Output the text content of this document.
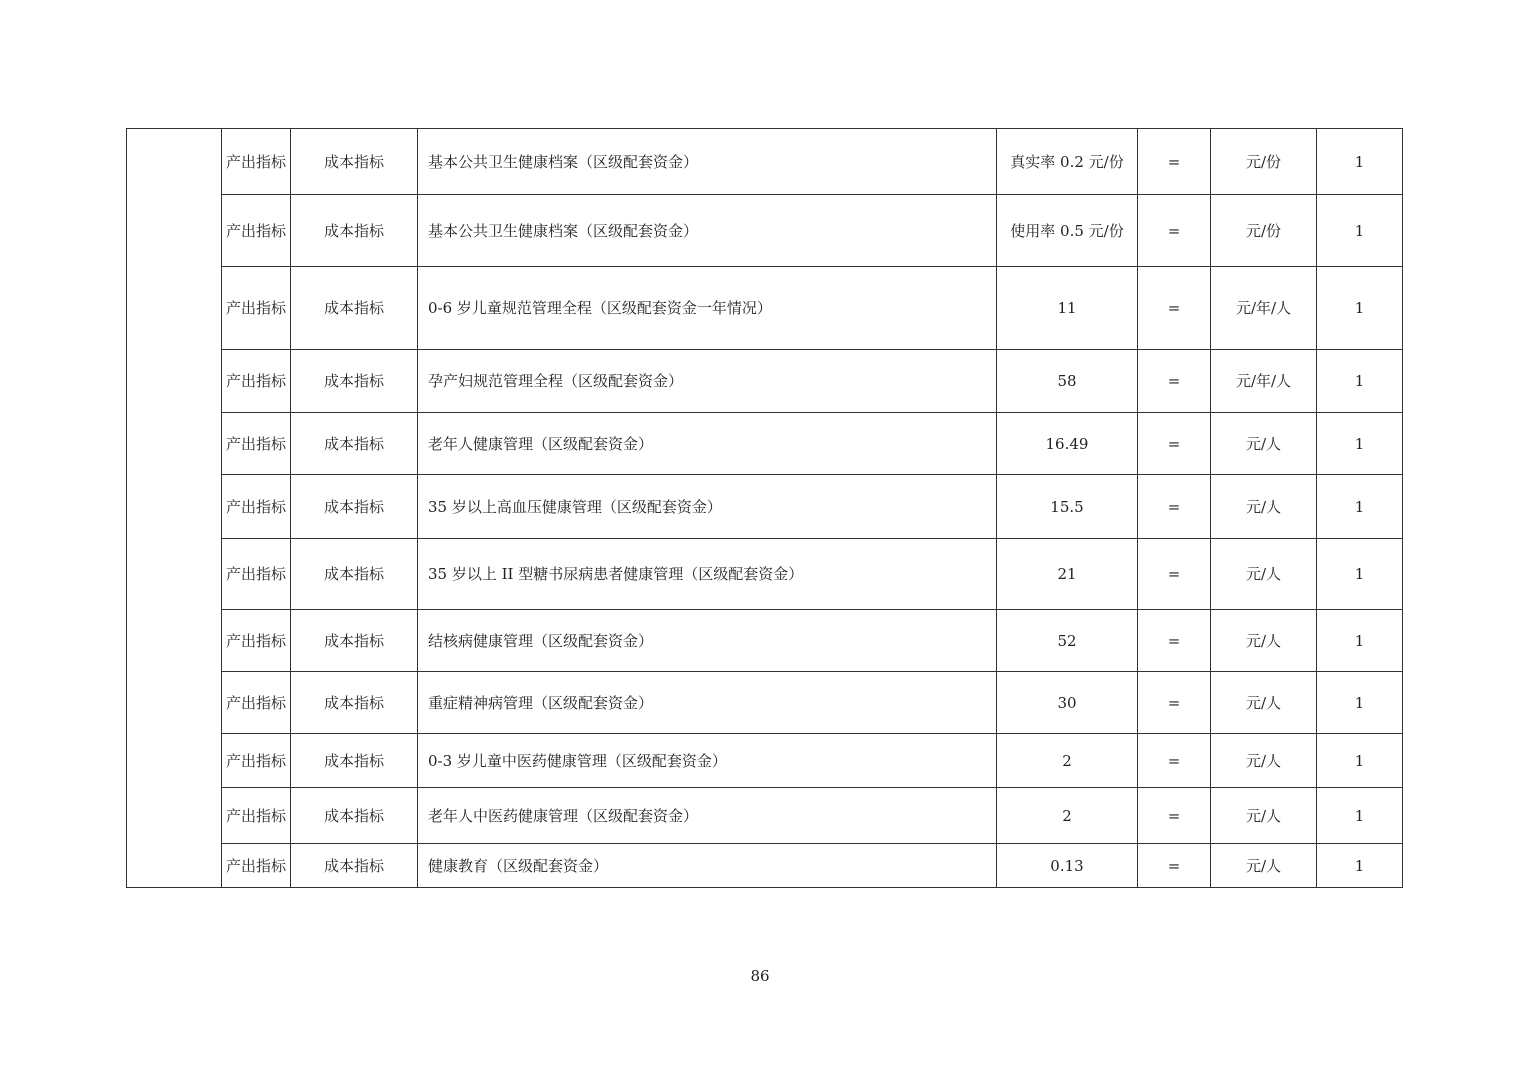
	产出指标	成本指标	基本公共卫生健康档案（区级配套资金）	真实率 0.2 元/份	=	元/份	1
	产出指标	成本指标	基本公共卫生健康档案（区级配套资金）	使用率 0.5 元/份	=	元/份	1
	产出指标	成本指标	0-6 岁儿童规范管理全程（区级配套资金一年情况）	11	=	元/年/人	1
	产出指标	成本指标	孕产妇规范管理全程（区级配套资金）	58	=	元/年/人	1
	产出指标	成本指标	老年人健康管理（区级配套资金）	16.49	=	元/人	1
	产出指标	成本指标	35 岁以上高血压健康管理（区级配套资金）	15.5	=	元/人	1
	产出指标	成本指标	35 岁以上 II 型糖书尿病患者健康管理（区级配套资金）	21	=	元/人	1
	产出指标	成本指标	结核病健康管理（区级配套资金）	52	=	元/人	1
	产出指标	成本指标	重症精神病管理（区级配套资金）	30	=	元/人	1
	产出指标	成本指标	0-3 岁儿童中医药健康管理（区级配套资金）	2	=	元/人	1
	产出指标	成本指标	老年人中医药健康管理（区级配套资金）	2	=	元/人	1
	产出指标	成本指标	健康教育（区级配套资金）	0.13	=	元/人	1
86
